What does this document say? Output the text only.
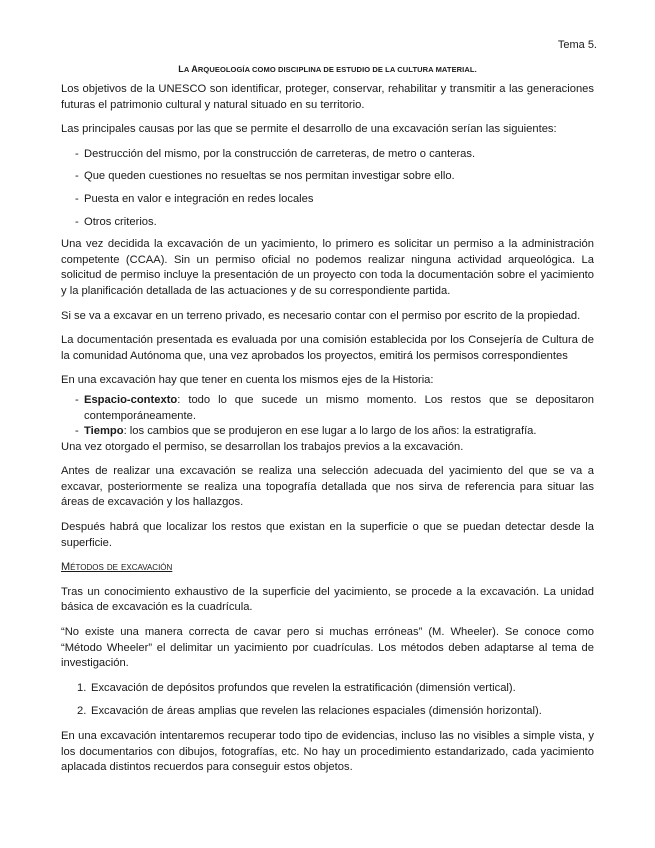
Tema 5.
LA ARQUEOLOGÍA COMO DISCIPLINA DE ESTUDIO DE LA CULTURA MATERIAL.

Los objetivos de la UNESCO son identificar, proteger, conservar, rehabilitar y transmitir a las generaciones futuras el patrimonio cultural y natural situado en su territorio.

Las principales causas por las que se permite el desarrollo de una excavación serían las siguientes:

- Destrucción del mismo, por la construcción de carreteras, de metro o canteras.
- Que queden cuestiones no resueltas se nos permitan investigar sobre ello.
- Puesta en valor e integración en redes locales
- Otros criterios.

Una vez decidida la excavación de un yacimiento, lo primero es solicitar un permiso a la administración competente (CCAA). Sin un permiso oficial no podemos realizar ninguna actividad arqueológica. La solicitud de permiso incluye la presentación de un proyecto con toda la documentación sobre el yacimiento y la planificación detallada de las actuaciones y de su correspondiente partida.

Si se va a excavar en un terreno privado, es necesario contar con el permiso por escrito de la propiedad.

La documentación presentada es evaluada por una comisión establecida por los Consejería de Cultura de la comunidad Autónoma que, una vez aprobados los proyectos, emitirá los permisos correspondientes

En una excavación hay que tener en cuenta los mismos ejes de la Historia:

- Espacio-contexto: todo lo que sucede un mismo momento. Los restos que se depositaron contemporáneamente.
- Tiempo: los cambios que se produjeron en ese lugar a lo largo de los años: la estratigrafía.

Una vez otorgado el permiso, se desarrollan los trabajos previos a la excavación.

Antes de realizar una excavación se realiza una selección adecuada del yacimiento del que se va a excavar, posteriormente se realiza una topografía detallada que nos sirva de referencia para situar las áreas de excavación y los hallazgos.

Después habrá que localizar los restos que existan en la superficie o que se puedan detectar desde la superficie.

Métodos de excavación

Tras un conocimiento exhaustivo de la superficie del yacimiento, se procede a la excavación. La unidad básica de excavación es la cuadrícula.

“No existe una manera correcta de cavar pero si muchas erróneas” (M. Wheeler). Se conoce como “Método Wheeler” el delimitar un yacimiento por cuadrículas. Los métodos deben adaptarse al tema de investigación.

1. Excavación de depósitos profundos que revelen la estratificación (dimensión vertical).
2. Excavación de áreas amplias que revelen las relaciones espaciales (dimensión horizontal).

En una excavación intentaremos recuperar todo tipo de evidencias, incluso las no visibles a simple vista, y los documentarios con dibujos, fotografías, etc. No hay un procedimiento estandarizado, cada yacimiento aplacada distintos recuerdos para conseguir estos objetos.
